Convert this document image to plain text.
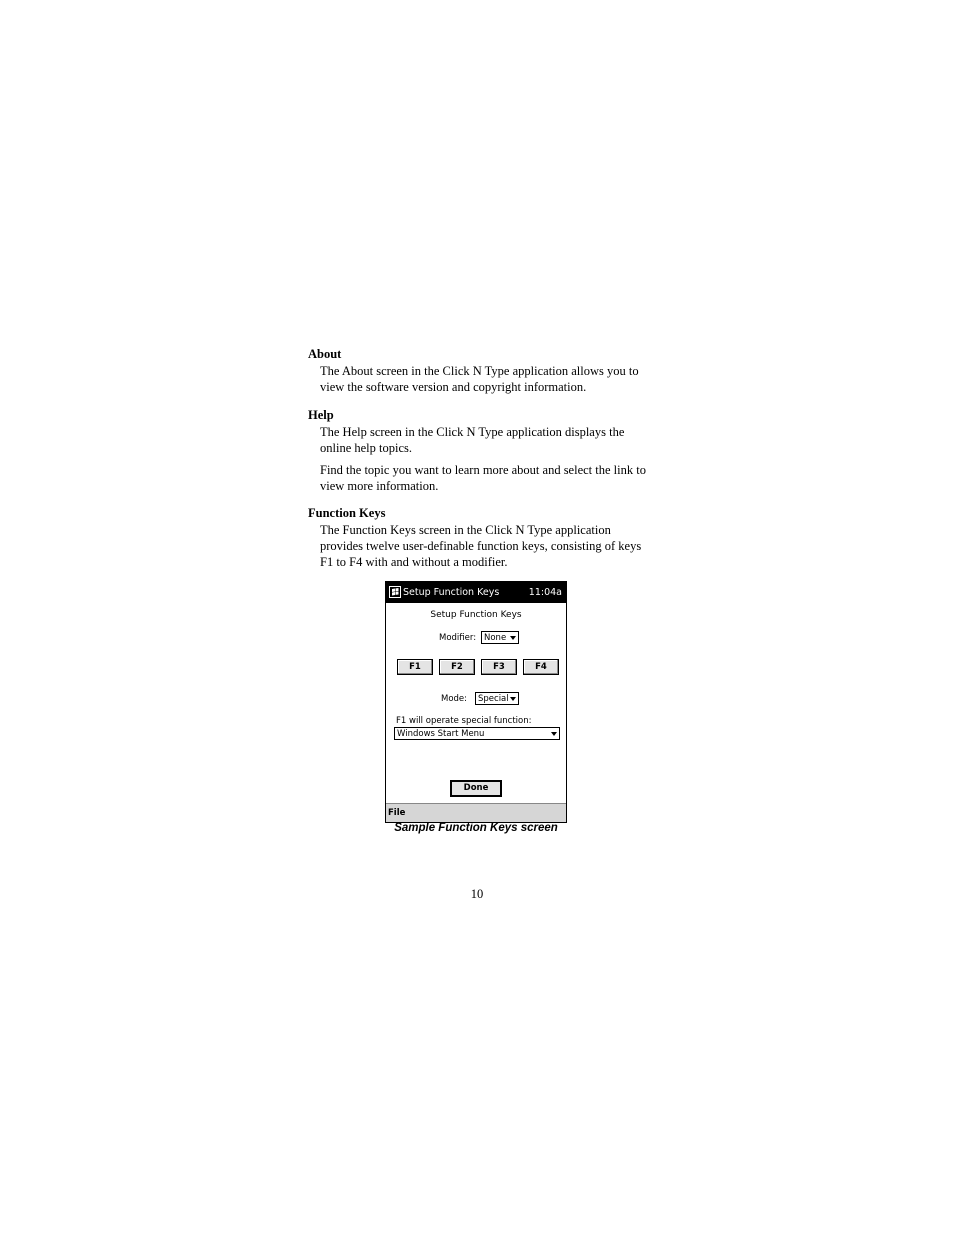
About
The About screen in the Click N Type application allows you to
view the software version and copyright information.
Help
The Help screen in the Click N Type application displays the
online help topics.
Find the topic you want to learn more about and select the link to
view more information.
Function Keys
The Function Keys screen in the Click N Type application
provides twelve user-definable function keys, consisting of keys
F1 to F4 with and without a modifier.
Setup Function Keys	11:04a
Setup Function Keys
Modifier: None
F1	F2	F3	F4
Mode: Special
F1 will operate special function:
Windows Start Menu
Done
File
Sample Function Keys screen
10
